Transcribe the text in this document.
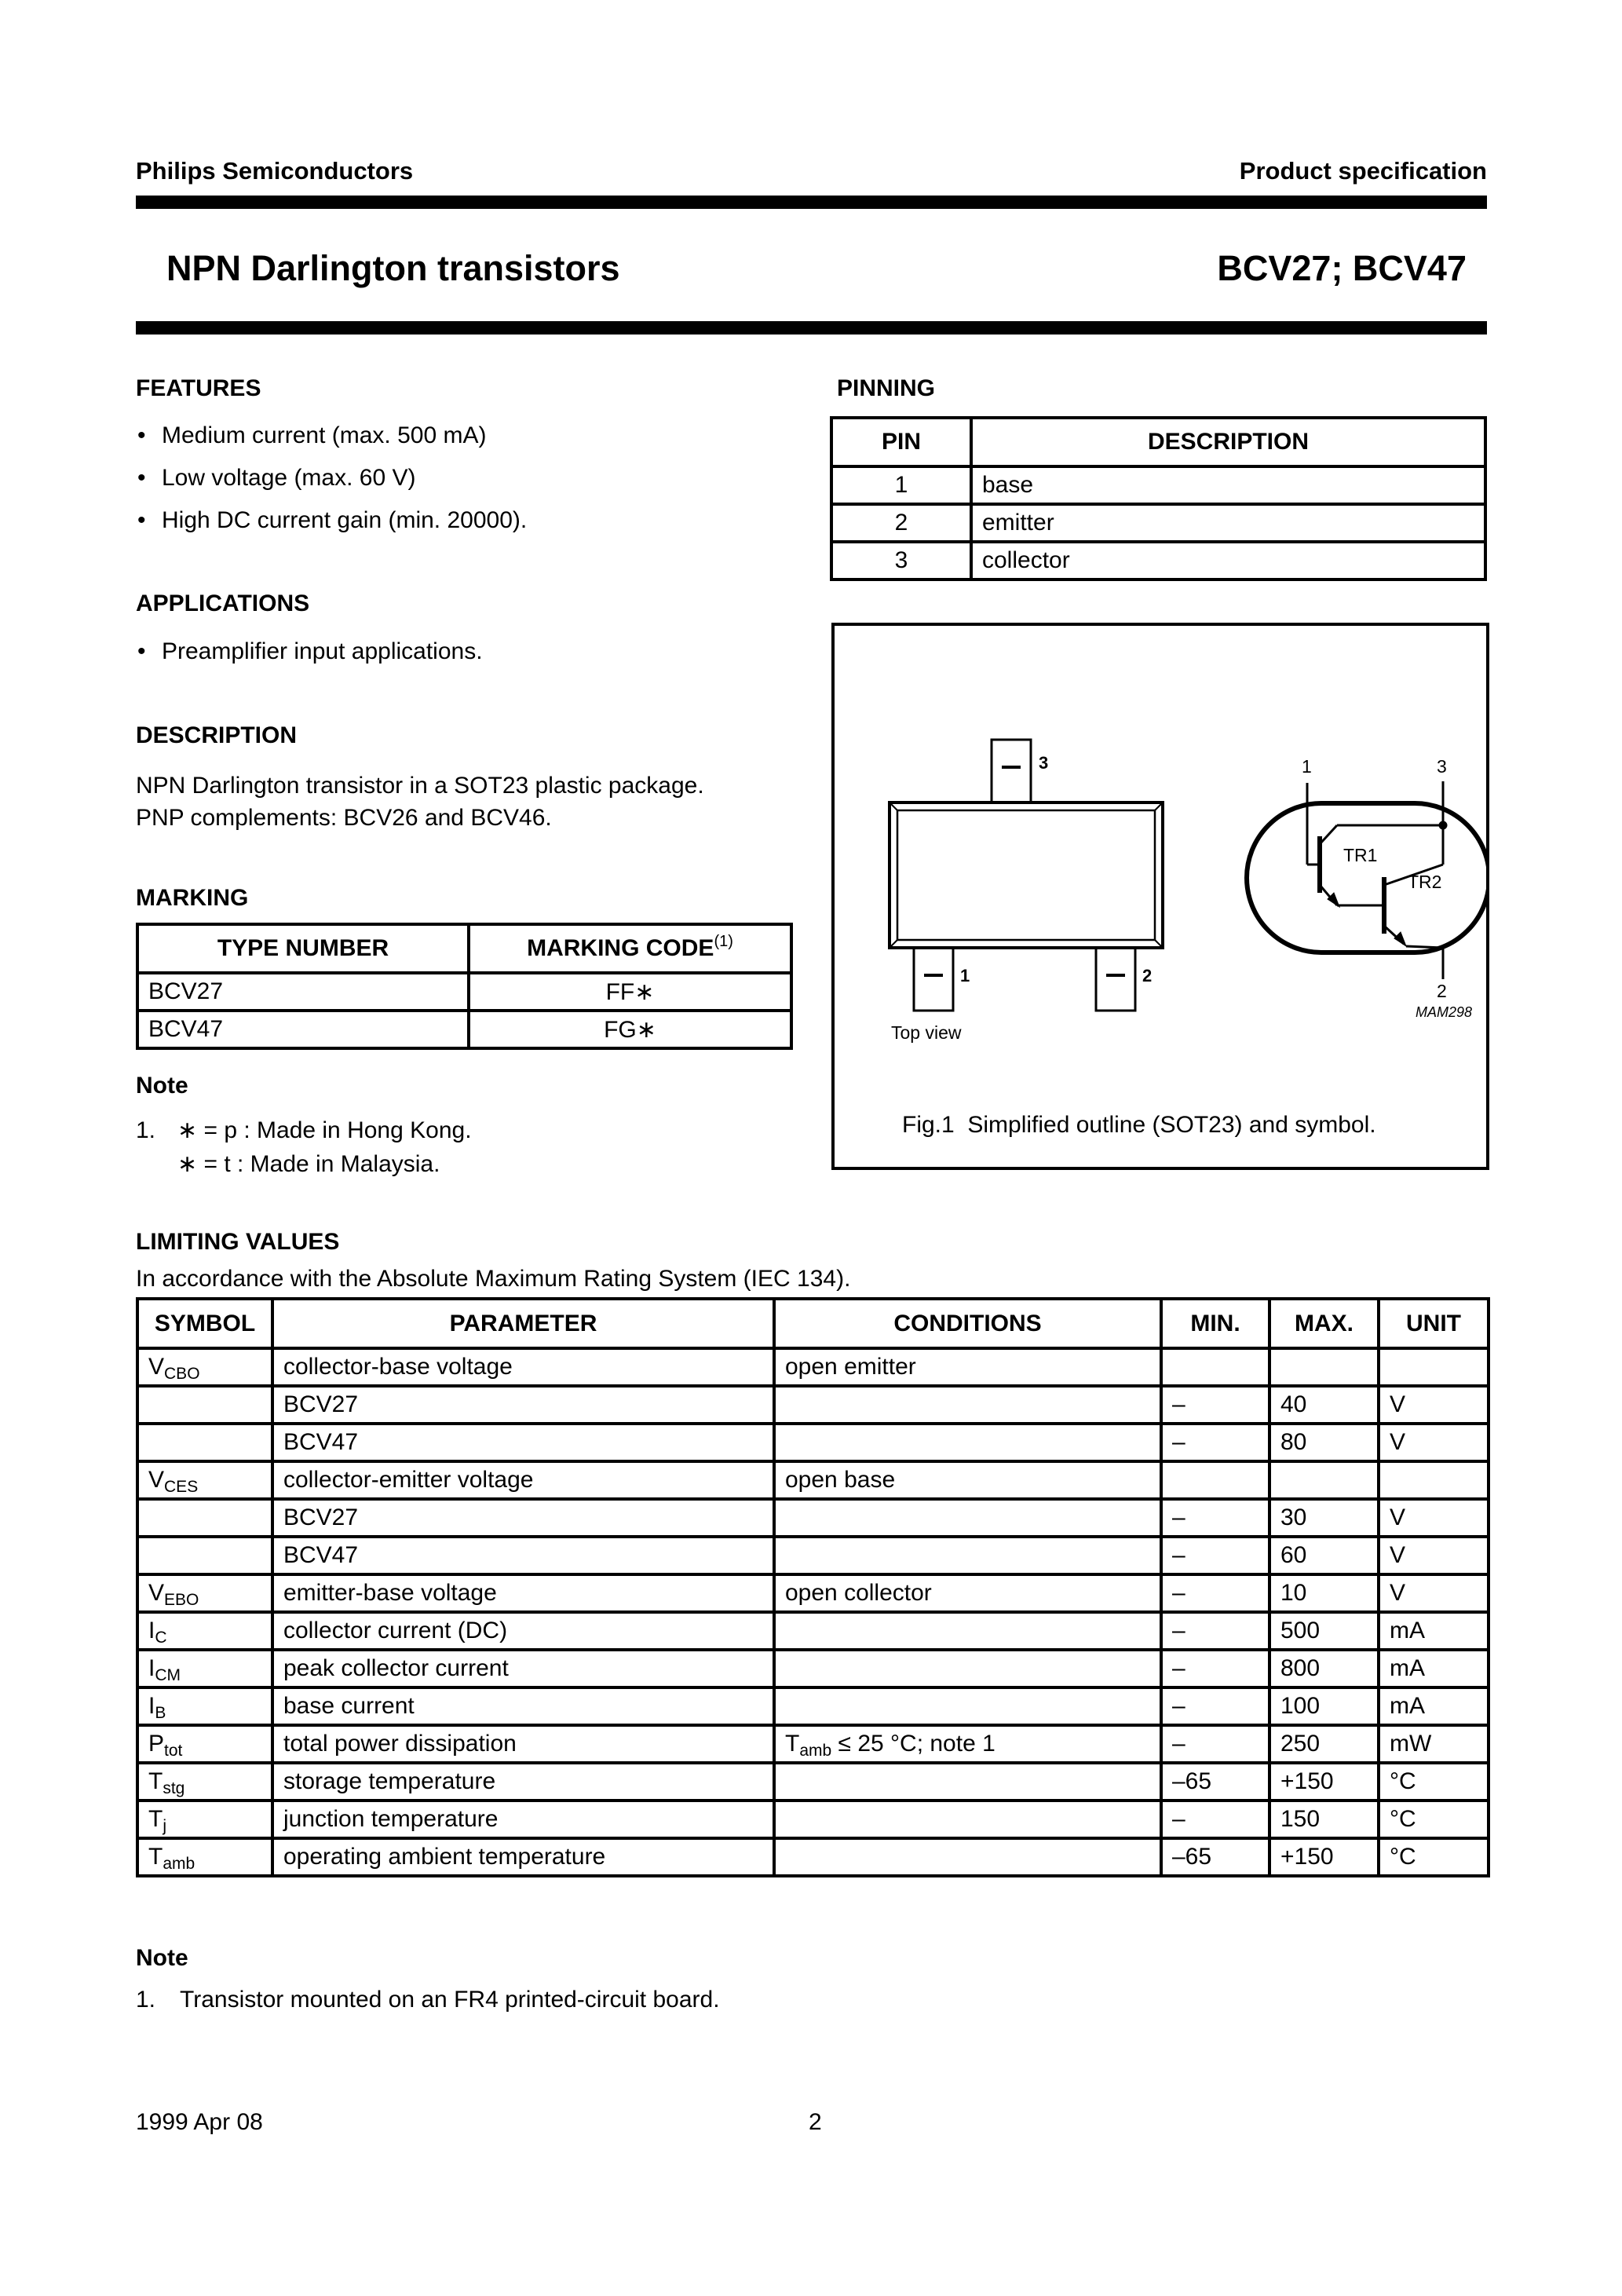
Philips Semiconductors	Product specification
NPN Darlington transistors	BCV27; BCV47
FEATURES
• Medium current (max. 500 mA)
• Low voltage (max. 60 V)
• High DC current gain (min. 20000).
APPLICATIONS
• Preamplifier input applications.
DESCRIPTION
NPN Darlington transistor in a SOT23 plastic package.
PNP complements: BCV26 and BCV46.
MARKING
TYPE NUMBER	MARKING CODE$^{(1)}$
BCV27	FF∗
BCV47	FG∗
Note
1. ∗ = p : Made in Hong Kong.
∗ = t : Made in Malaysia.
PINNING
PIN	DESCRIPTION
1	base
2	emitter
3	collector
3
1	2
Top view
1	3
2
TR1
TR2
MAM298
Fig.1  Simplified outline (SOT23) and symbol.
LIMITING VALUES
In accordance with the Absolute Maximum Rating System (IEC 134).
SYMBOL	PARAMETER	CONDITIONS	MIN.	MAX.	UNIT
$V_{CBO}$	collector-base voltage	open emitter			
	BCV27		–	40	V
	BCV47		–	80	V
$V_{CES}$	collector-emitter voltage	open base			
	BCV27		–	30	V
	BCV47		–	60	V
$V_{EBO}$	emitter-base voltage	open collector	–	10	V
$I_C$	collector current (DC)		–	500	mA
$I_{CM}$	peak collector current		–	800	mA
$I_B$	base current		–	100	mA
$P_{tot}$	total power dissipation	$T_{amb} \le 25$ °C; note 1	–	250	mW
$T_{stg}$	storage temperature		–65	+150	°C
$T_j$	junction temperature		–	150	°C
$T_{amb}$	operating ambient temperature		–65	+150	°C
Note
1. Transistor mounted on an FR4 printed-circuit board.
1999 Apr 08	2
